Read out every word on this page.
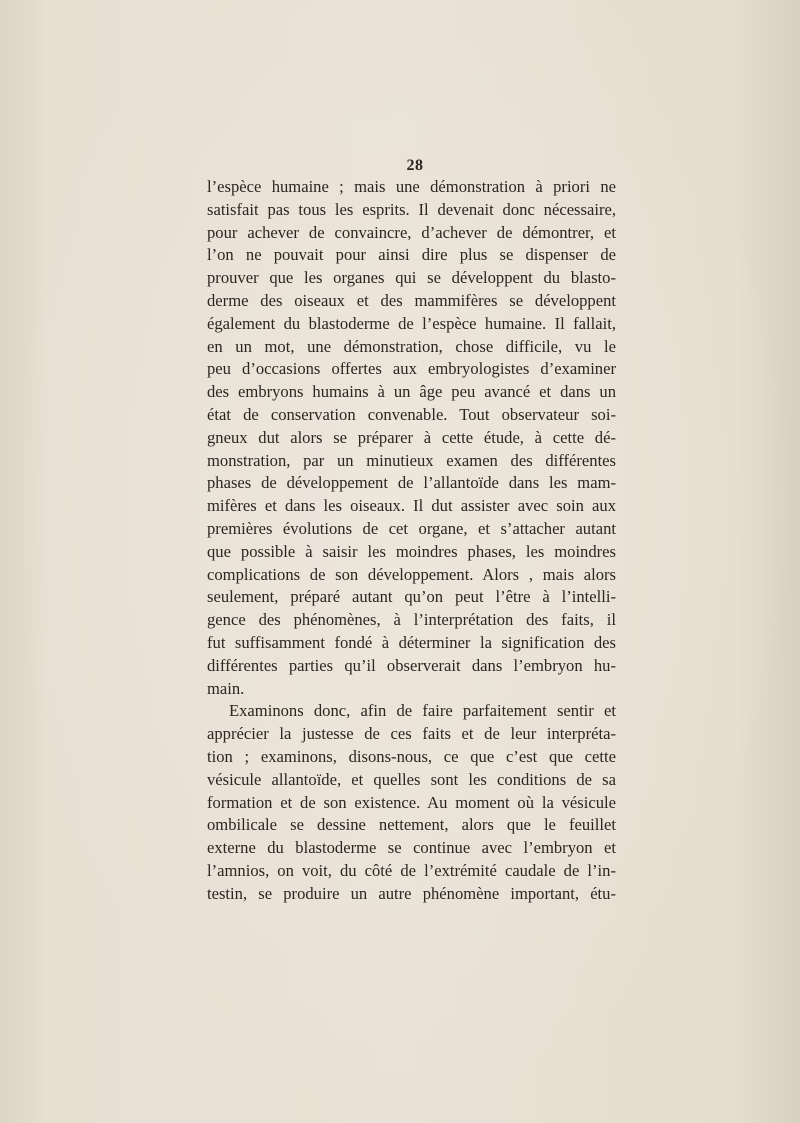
28
l’espèce humaine ; mais une démonstration à priori ne
satisfait pas tous les esprits. Il devenait donc nécessaire,
pour achever de convaincre, d’achever de démontrer, et
l’on ne pouvait pour ainsi dire plus se dispenser de
prouver que les organes qui se développent du blasto-
derme des oiseaux et des mammifères se développent
également du blastoderme de l’espèce humaine. Il fallait,
en un mot, une démonstration, chose difficile, vu le
peu d’occasions offertes aux embryologistes d’examiner
des embryons humains à un âge peu avancé et dans un
état de conservation convenable. Tout observateur soi-
gneux dut alors se préparer à cette étude, à cette dé-
monstration, par un minutieux examen des différentes
phases de développement de l’allantoïde dans les mam-
mifères et dans les oiseaux. Il dut assister avec soin aux
premières évolutions de cet organe, et s’attacher autant
que possible à saisir les moindres phases, les moindres
complications de son développement. Alors , mais alors
seulement, préparé autant qu’on peut l’être à l’intelli-
gence des phénomènes, à l’interprétation des faits, il
fut suffisamment fondé à déterminer la signification des
différentes parties qu’il observerait dans l’embryon hu-
main.
Examinons donc, afin de faire parfaitement sentir et
apprécier la justesse de ces faits et de leur interpréta-
tion ; examinons, disons-nous, ce que c’est que cette
vésicule allantoïde, et quelles sont les conditions de sa
formation et de son existence. Au moment où la vésicule
ombilicale se dessine nettement, alors que le feuillet
externe du blastoderme se continue avec l’embryon et
l’amnios, on voit, du côté de l’extrémité caudale de l’in-
testin, se produire un autre phénomène important, étu-
